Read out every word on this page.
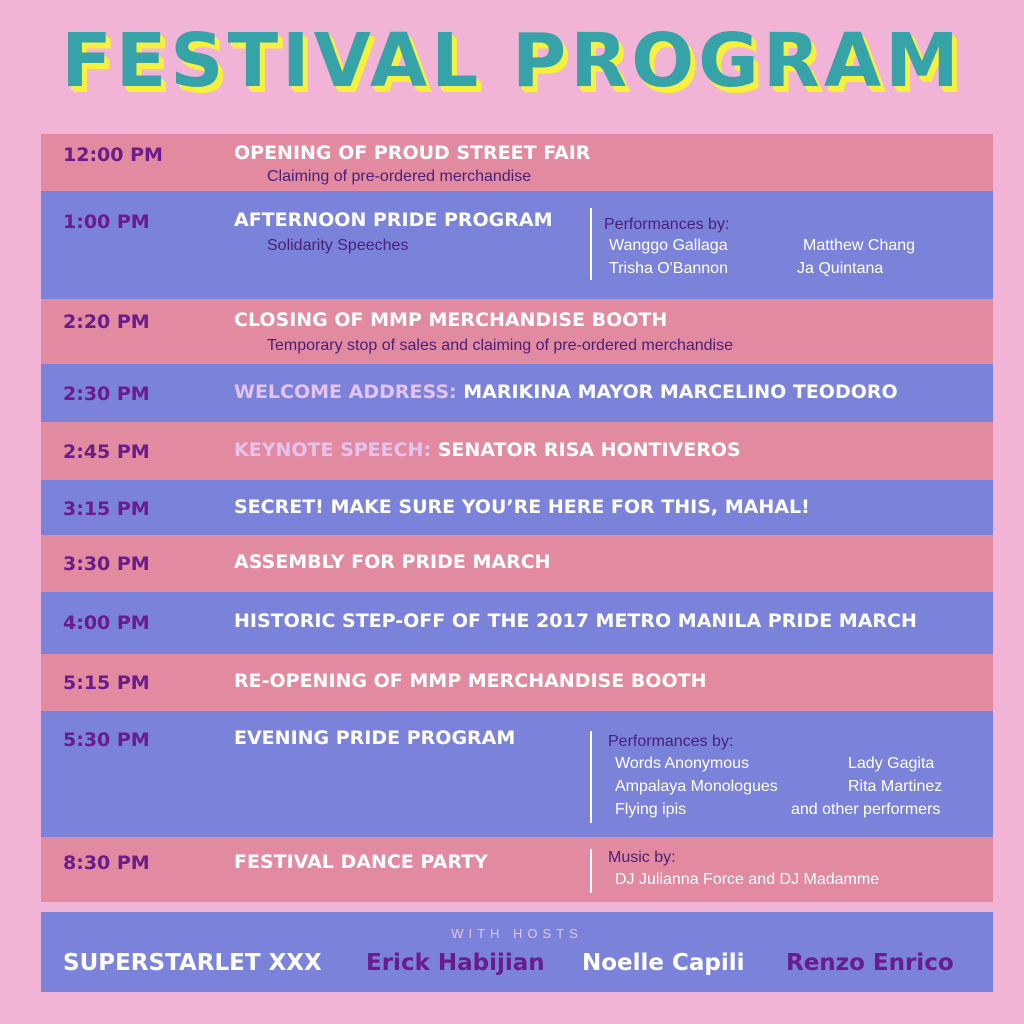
FESTIVAL PROGRAM
12:00 PM	OPENING OF PROUD STREET FAIR
Claiming of pre-ordered merchandise
1:00 PM	AFTERNOON PRIDE PROGRAM
Solidarity Speeches
Performances by:
Wanggo Gallaga	Matthew Chang
Trisha O'Bannon	Ja Quintana
2:20 PM	CLOSING OF MMP MERCHANDISE BOOTH
Temporary stop of sales and claiming of pre-ordered merchandise
2:30 PM	WELCOME ADDRESS: MARIKINA MAYOR MARCELINO TEODORO
2:45 PM	KEYNOTE SPEECH: SENATOR RISA HONTIVEROS
3:15 PM	SECRET! MAKE SURE YOU’RE HERE FOR THIS, MAHAL!
3:30 PM	ASSEMBLY FOR PRIDE MARCH
4:00 PM	HISTORIC STEP-OFF OF THE 2017 METRO MANILA PRIDE MARCH
5:15 PM	RE-OPENING OF MMP MERCHANDISE BOOTH
5:30 PM	EVENING PRIDE PROGRAM	Performances by:
Words Anonymous	Lady Gagita
Ampalaya Monologues	Rita Martinez
Flying ipis	and other performers
8:30 PM	FESTIVAL DANCE PARTY	Music by:
DJ Julianna Force and DJ Madamme
WITH HOSTS
SUPERSTARLET XXX Erick Habijian Noelle Capili Renzo Enrico
